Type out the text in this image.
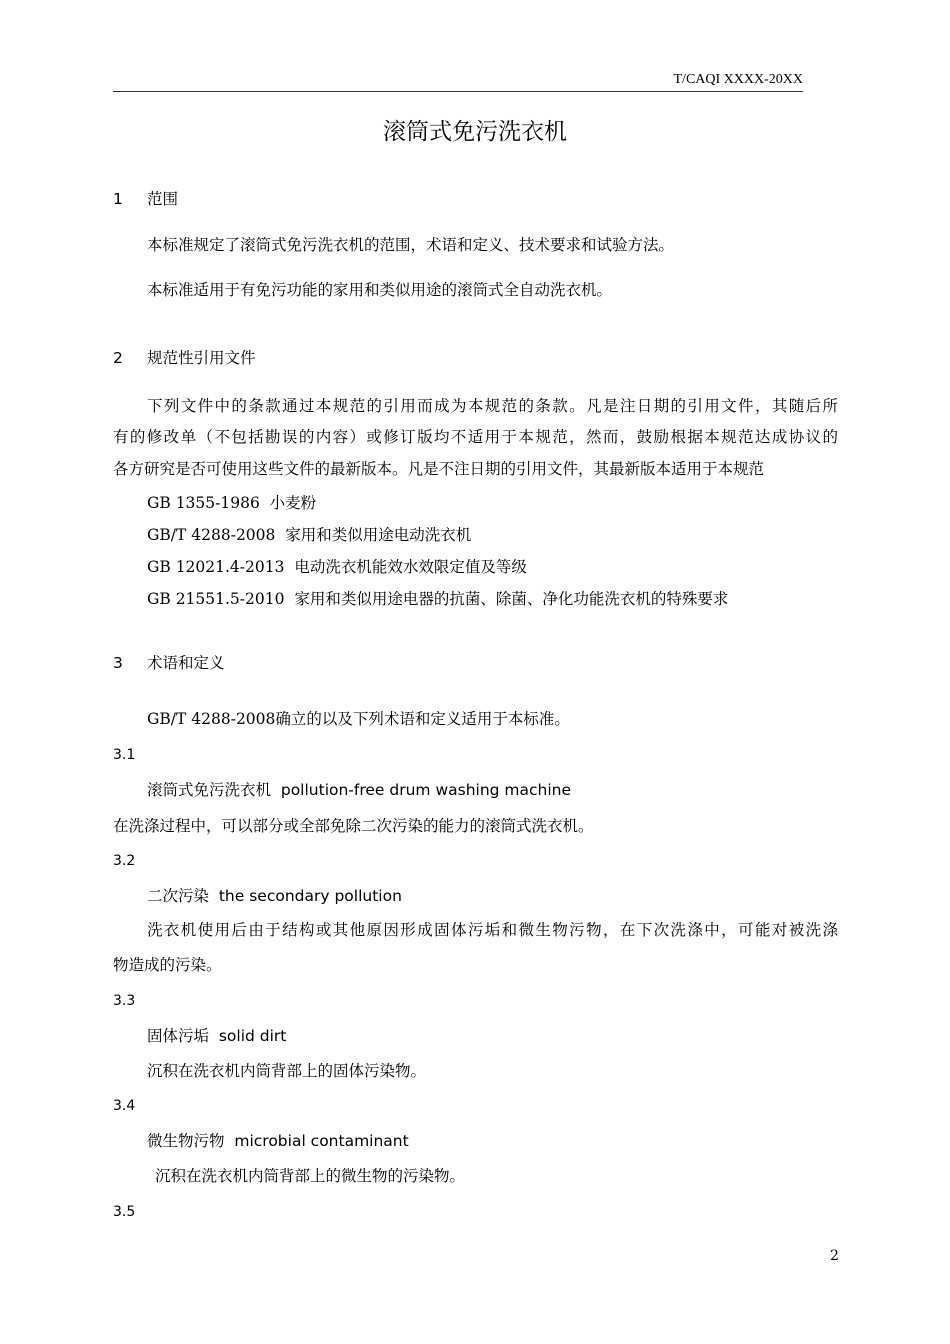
T/CAQI XXXX-20XX
滚筒式免污洗衣机
1 范围
本标准规定了滚筒式免污洗衣机的范围，术语和定义、技术要求和试验方法。
本标准适用于有免污功能的家用和类似用途的滚筒式全自动洗衣机。
2 规范性引用文件
下列文件中的条款通过本规范的引用而成为本规范的条款。凡是注日期的引用文件，其随后所
有的修改单（不包括勘误的内容）或修订版均不适用于本规范，然而，鼓励根据本规范达成协议的
各方研究是否可使用这些文件的最新版本。凡是不注日期的引用文件，其最新版本适用于本规范
GB 1355-1986  小麦粉
GB/T 4288-2008  家用和类似用途电动洗衣机
GB 12021.4-2013  电动洗衣机能效水效限定值及等级
GB 21551.5-2010  家用和类似用途电器的抗菌、除菌、净化功能洗衣机的特殊要求
3 术语和定义
GB/T 4288-2008确立的以及下列术语和定义适用于本标准。
3.1
滚筒式免污洗衣机  pollution-free drum washing machine
在洗涤过程中，可以部分或全部免除二次污染的能力的滚筒式洗衣机。
3.2
二次污染  the secondary pollution
洗衣机使用后由于结构或其他原因形成固体污垢和微生物污物，在下次洗涤中，可能对被洗涤
物造成的污染。
3.3
固体污垢  solid dirt
沉积在洗衣机内筒背部上的固体污染物。
3.4
微生物污物  microbial contaminant
沉积在洗衣机内筒背部上的微生物的污染物。
3.5
2
